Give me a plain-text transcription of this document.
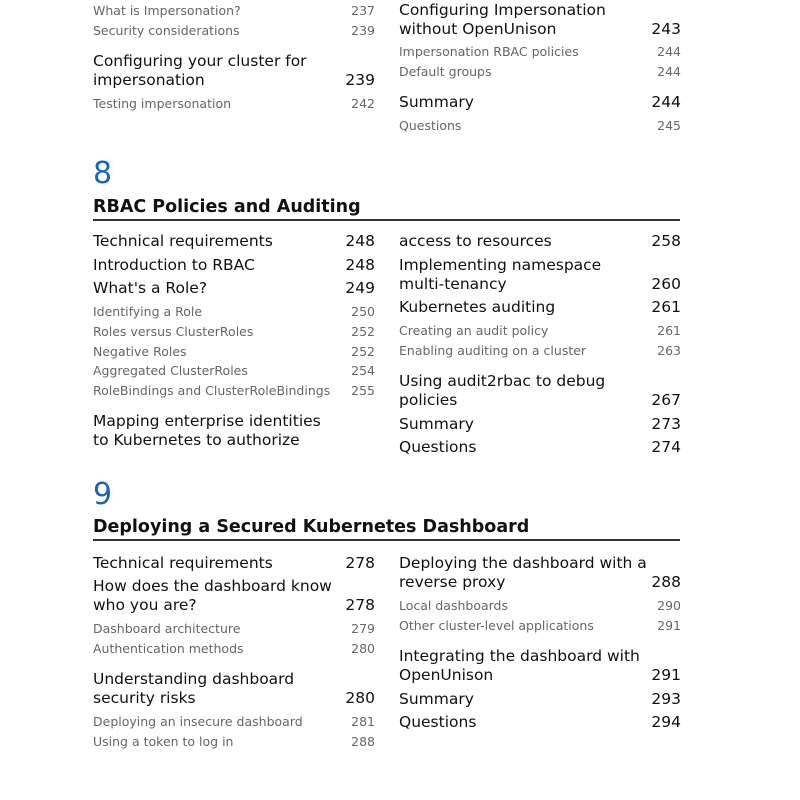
What is Impersonation?	237
Security considerations	239
Configuring your cluster for impersonation	239
Testing impersonation	242
Configuring Impersonation without OpenUnison	243
Impersonation RBAC policies	244
Default groups	244
Summary	244
Questions	245
8
RBAC Policies and Auditing
Technical requirements	248
Introduction to RBAC	248
What's a Role?	249
Identifying a Role	250
Roles versus ClusterRoles	252
Negative Roles	252
Aggregated ClusterRoles	254
RoleBindings and ClusterRoleBindings	255
Mapping enterprise identities to Kubernetes to authorize
access to resources	258
Implementing namespace multi-tenancy	260
Kubernetes auditing	261
Creating an audit policy	261
Enabling auditing on a cluster	263
Using audit2rbac to debug policies	267
Summary	273
Questions	274
9
Deploying a Secured Kubernetes Dashboard
Technical requirements	278
How does the dashboard know who you are?	278
Dashboard architecture	279
Authentication methods	280
Understanding dashboard security risks	280
Deploying an insecure dashboard	281
Using a token to log in	288
Deploying the dashboard with a reverse proxy	288
Local dashboards	290
Other cluster-level applications	291
Integrating the dashboard with OpenUnison	291
Summary	293
Questions	294
